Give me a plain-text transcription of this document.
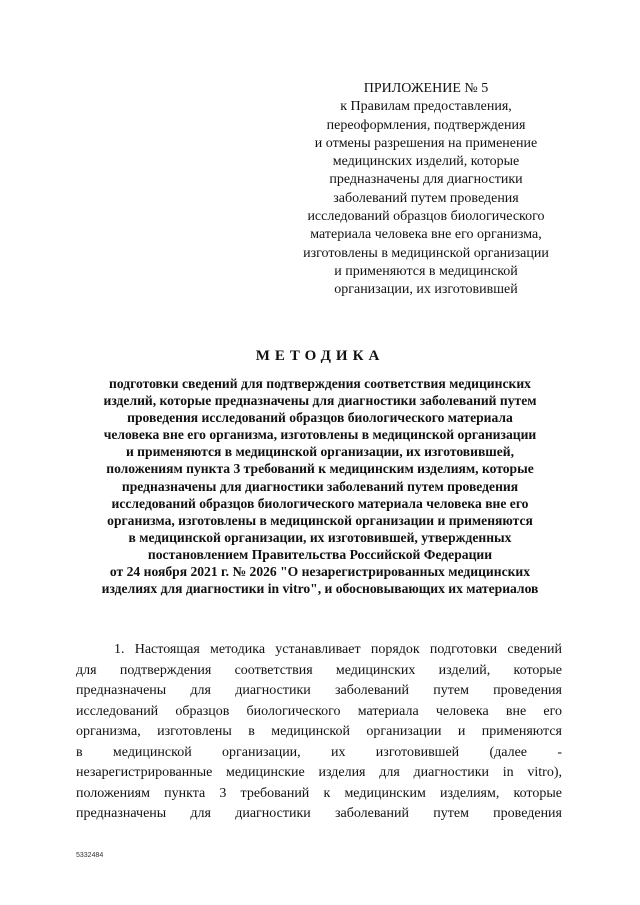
ПРИЛОЖЕНИЕ № 5
к Правилам предоставления,
переоформления, подтверждения
и отмены разрешения на применение
медицинских изделий, которые
предназначены для диагностики
заболеваний путем проведения
исследований образцов биологического
материала человека вне его организма,
изготовлены в медицинской организации
и применяются в медицинской
организации, их изготовившей
МЕТОДИКА
подготовки сведений для подтверждения соответствия медицинских
изделий, которые предназначены для диагностики заболеваний путем
проведения исследований образцов биологического материала
человека вне его организма, изготовлены в медицинской организации
и применяются в медицинской организации, их изготовившей,
положениям пункта 3 требований к медицинским изделиям, которые
предназначены для диагностики заболеваний путем проведения
исследований образцов биологического материала человека вне его
организма, изготовлены в медицинской организации и применяются
в медицинской организации, их изготовившей, утвержденных
постановлением Правительства Российской Федерации
от 24 ноября 2021 г. № 2026 "О незарегистрированных медицинских
изделиях для диагностики in vitro", и обосновывающих их материалов
1. Настоящая методика устанавливает порядок подготовки сведений
для подтверждения соответствия медицинских изделий, которые
предназначены для диагностики заболеваний путем проведения
исследований образцов биологического материала человека вне его
организма, изготовлены в медицинской организации и применяются
в медицинской организации, их изготовившей (далее -
незарегистрированные медицинские изделия для диагностики in vitro),
положениям пункта 3 требований к медицинским изделиям, которые
предназначены для диагностики заболеваний путем проведения
5332484
